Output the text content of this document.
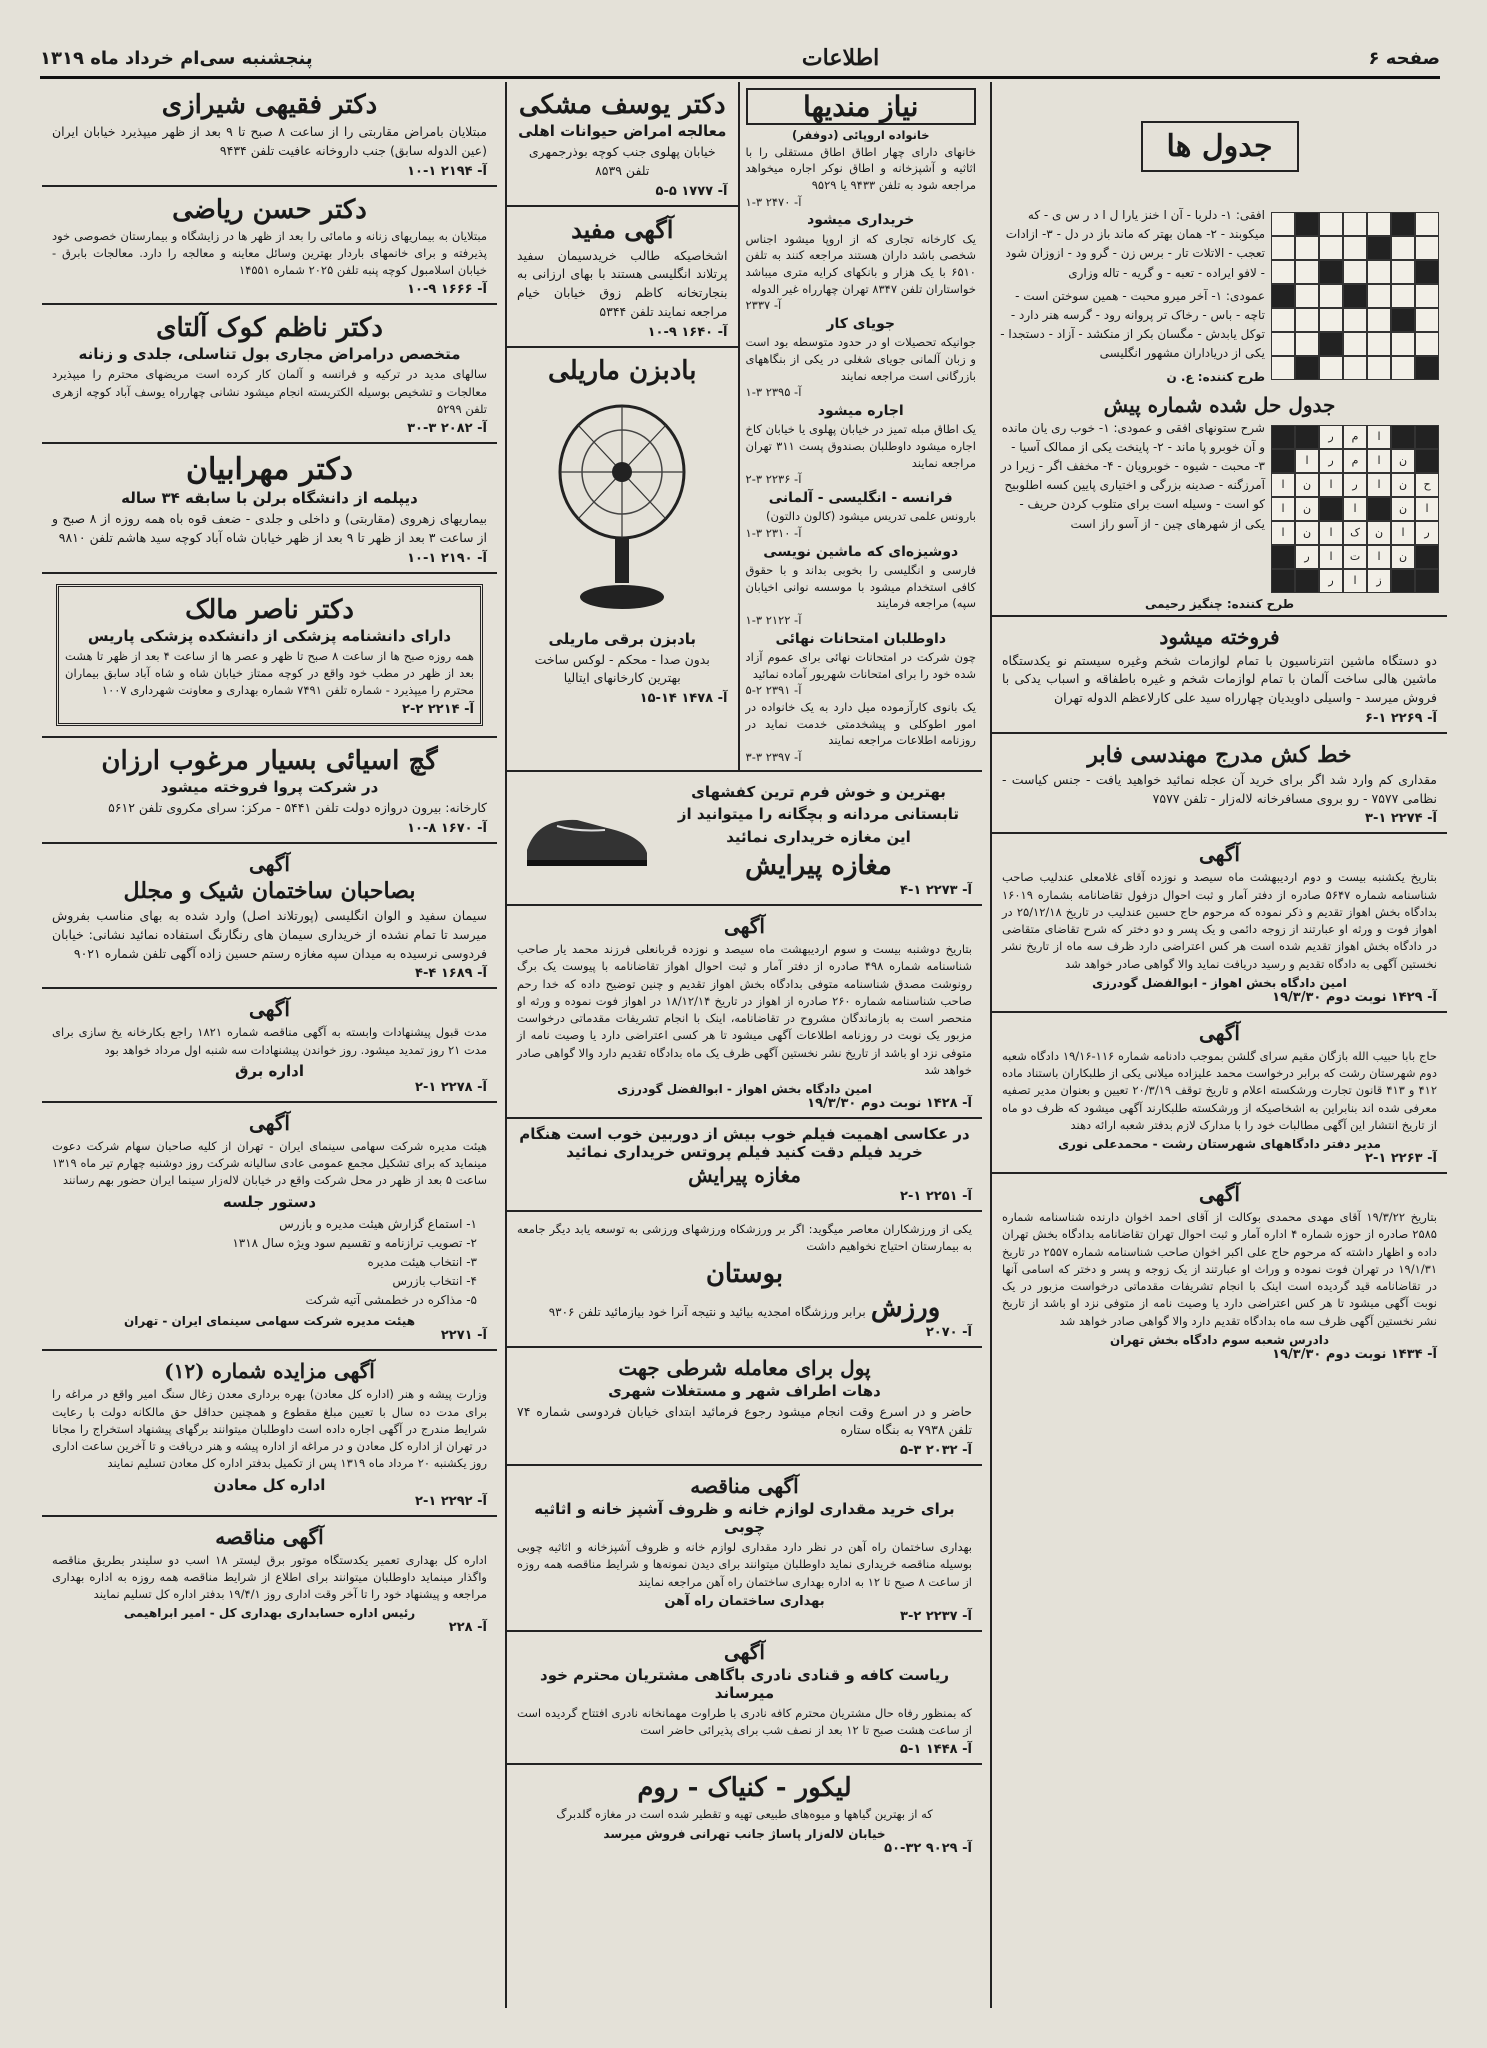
صفحه ۶
اطلاعات
پنجشنبه سی‌ام خرداد ماه ۱۳۱۹
جدول ها
افقی: ۱- دلربا - آن ا خنز یارا ل ا د ر س ی - که میکوبند - ۲- همان بهتر که ماند باز در دل - ۳- ازادات تعجب - الاتلات تار - برس زن - گرو ود - ازوزان شود - لافو ایراده - تعبه - و گریه - تاله وزاری
عمودی: ۱- آخر میرو محبت - همین سوختن است - تاچه - باس - رخاک تر پروانه رود - گرسه هنر دارد - توکل یابدش - مگسان بکر از منکشد - آزاد - دستجدا - یکی از دریاداران مشهور انگلیسی
طرح کننده: ع. ن
جدول حل شده شماره پیش
ا
م
ر
ن
ا
م
ر
ا
ح
ن
ا
ر
ا
ن
ا
ا
ن
ا
ن
ا
ر
ا
ن
ک
ا
ن
ا
ن
ا
ت
ا
ر
ز
ا
ر
شرح ستونهای افقی و عمودی: ۱- خوب ری یان مانده و آن خوبرو پا ماند - ۲- پاینخت یکی از ممالک آسیا - ۳- محبت - شیوه - خوبرویان - ۴- مخفف اگر - زیرا در آمرزگنه - صدینه بزرگی و اختیاری پایین کسه اطلوبیح کو است - وسیله است برای متلوب کردن حریف - یکی از شهرهای چین - از آسو راز است
طرح کننده: چنگیز رحیمی
فروخته میشود

دو دستگاه ماشین انترناسیون با تمام لوازمات شخم وغیره سیستم نو یکدستگاه ماشین هالی ساخت آلمان با تمام لوازمات شخم و غیره باطفاقه و اسباب یدکی با فروش میرسد - واسیلی داویدیان چهارراه سید علی کارلاعظم الدوله تهران

آ- ۲۲۶۹ ۱-۶
خط کش مدرج مهندسی فابر

مقداری کم وارد شد اگر برای خرید آن عجله نمائید خواهید یافت - جنس کیاست - نظامی ۷۵۷۷ - رو بروی مسافرخانه لاله‌زار - تلفن ۷۵۷۷

آ- ۲۲۷۴ ۱-۳
آگهی

بتاریخ یکشنبه بیست و دوم اردیبهشت ماه سیصد و نوزده آقای غلامعلی عندلیب صاحب شناسنامه شماره ۵۶۴۷ صادره از دفتر آمار و ثبت احوال دزفول تقاضانامه بشماره ۱۶۰۱۹ بدادگاه بخش اهواز تقدیم و ذکر نموده که مرحوم حاج حسین عندلیب در تاریخ ۲۵/۱۲/۱۸ در اهواز فوت و ورثه او عبارتند از زوجه دائمی و یک پسر و دو دختر که شرح تقاضای متقاضی در دادگاه بخش اهواز تقدیم شده است هر کس اعتراضی دارد ظرف سه ماه از تاریخ نشر نخستین آگهی به دادگاه تقدیم و رسید دریافت نماید والا گواهی صادر خواهد شد

امین دادگاه بخش اهواز - ابوالفضل گودرزی
آ- ۱۴۲۹ نوبت دوم ۱۹/۳/۳۰
آگهی

حاج بابا حبیب الله بازگان مقیم سرای گلشن بموجب دادنامه شماره ۱۱۶-۱۹/۱۶ دادگاه شعبه دوم شهرستان رشت که برابر درخواست محمد علیزاده میلانی یکی از طلبکاران باستناد ماده ۴۱۲ و ۴۱۳ قانون تجارت ورشکسته اعلام و تاریخ توقف ۲۰/۳/۱۹ تعیین و بعنوان مدیر تصفیه معرفی شده اند بنابراین به اشخاصیکه از ورشکسته طلبکارند آگهی میشود که ظرف دو ماه از تاریخ انتشار این آگهی مطالبات خود را با مدارک لازم بدفتر شعبه ارائه دهند

مدیر دفتر دادگاههای شهرستان رشت - محمدعلی نوری
آ- ۲۲۶۳ ۱-۲
آگهی

بتاریخ ۱۹/۳/۲۲ آقای مهدی محمدی بوکالت از آقای احمد اخوان دارنده شناسنامه شماره ۲۵۸۵ صادره از حوزه شماره ۴ اداره آمار و ثبت احوال تهران تقاضانامه بدادگاه بخش تهران داده و اظهار داشته که مرحوم حاج علی اکبر اخوان صاحب شناسنامه شماره ۲۵۵۷ در تاریخ ۱۹/۱/۳۱ در تهران فوت نموده و وراث او عبارتند از یک زوجه و پسر و دختر که اسامی آنها در تقاضانامه قید گردیده است اینک با انجام تشریفات مقدماتی درخواست مزبور در یک نوبت آگهی میشود تا هر کس اعتراضی دارد یا وصیت نامه از متوفی نزد او باشد از تاریخ نشر نخستین آگهی ظرف سه ماه بدادگاه تقدیم دارد والا گواهی صادر خواهد شد

دادرس شعبه سوم دادگاه بخش تهران
آ- ۱۴۳۴ نوبت دوم ۱۹/۳/۳۰
نیاز مندیها
خانواده اروپائی (دوففر)
خانهای دارای چهار اطاق اطاق مستقلی را با اثاثیه و آشپزخانه و اطاق نوکر اجاره میخواهد مراجعه شود به تلفن ۹۴۳۳ یا ۹۵۲۹
آ- ۲۴۷۰ ۳-۱
خریداری میشود
یک کارخانه تجاری که از اروپا میشود اجناس شخصی باشد داران هستند مراجعه کنند به تلفن ۶۵۱۰ با یک هزار و بانکهای کرایه متری میباشد خواستاران تلفن ۸۳۴۷ تهران چهارراه غیر الدوله
آ- ۲۳۳۷
جویای کار
جوانیکه تحصیلات او در حدود متوسطه بود است و زبان آلمانی جویای شغلی در یکی از بنگاههای بازرگانی است مراجعه نمایند
آ- ۲۳۹۵ ۳-۱
اجاره میشود
یک اطاق مبله تمیز در خیابان پهلوی یا خیابان کاخ اجاره میشود داوطلبان بصندوق پست ۳۱۱ تهران مراجعه نمایند
آ- ۲۲۳۶ ۳-۲
فرانسه - انگلیسی - آلمانی
بارونس علمی تدریس میشود (کالون دالتون)
آ- ۲۳۱۰ ۳-۱
دوشیزه‌ای که ماشین نویسی
فارسی و انگلیسی را بخوبی بداند و با حقوق کافی استخدام میشود با موسسه نوانی اخیابان سپه) مراجعه فرمایند
آ- ۲۱۲۲ ۳-۱
داوطلبان امتحانات نهائی
چون شرکت در امتحانات نهائی برای عموم آزاد شده خود را برای امتحانات شهریور آماده نمائید
آ- ۲۳۹۱ ۲-۵
یک بانوی کارآزموده میل دارد به یک خانواده در امور اطوکلی و پیشخدمتی خدمت نماید در روزنامه اطلاعات مراجعه نمایند
آ- ۲۳۹۷ ۳-۳
دکتر یوسف مشکی
معالجه امراض حیوانات اهلی

خیابان پهلوی جنب کوچه بوذرجمهری تلفن ۸۵۳۹

آ- ۱۷۷۷ ۵-۵
آگهی مفید

اشخاصیکه طالب خریدسیمان سفید پرتلاند انگلیسی هستند با بهای ارزانی به بنجارتخانه کاظم زوق خیابان خیام مراجعه نمایند تلفن ۵۳۴۴

آ- ۱۶۴۰ ۹-۱۰
بادبزن ماریلی
بادبزن برقی ماریلی

بدون صدا - محکم - لوکس ساخت بهترین کارخانهای ایتالیا

آ- ۱۴۷۸ ۱۴-۱۵

بهترین و خوش فرم ترین کفشهای تابستانی مردانه و بچگانه را میتوانید از این مغازه خریداری نمائید

مغازه پیرایش
آ- ۲۲۷۳ ۱-۴
آگهی

بتاریخ دوشنبه بیست و سوم اردیبهشت ماه سیصد و نوزده قربانعلی فرزند محمد یار صاحب شناسنامه شماره ۴۹۸ صادره از دفتر آمار و ثبت احوال اهواز تقاضانامه با پیوست یک برگ رونوشت مصدق شناسنامه متوفی بدادگاه بخش اهواز تقدیم و چنین توضیح داده که خدا رحم صاحب شناسنامه شماره ۲۶۰ صادره از اهواز در تاریخ ۱۸/۱۲/۱۴ در اهواز فوت نموده و ورثه او منحصر است به بازماندگان مشروح در تقاضانامه، اینک با انجام تشریفات مقدماتی درخواست مزبور یک نوبت در روزنامه اطلاعات آگهی میشود تا هر کسی اعتراضی دارد یا وصیت نامه از متوفی نزد او باشد از تاریخ نشر نخستین آگهی ظرف یک ماه بدادگاه تقدیم دارد والا گواهی صادر خواهد شد

امین دادگاه بخش اهواز - ابوالفضل گودرزی
آ- ۱۴۲۸ نوبت دوم ۱۹/۳/۳۰
در عکاسی اهمیت فیلم خوب بیش از دوربین خوب است هنگام خرید فیلم دقت کنید فیلم پروتس خریداری نمائید
مغازه پیرایش
آ- ۲۲۵۱ ۱-۲

یکی از ورزشکاران معاصر میگوید: اگر بر ورزشکاه ورزشهای ورزشی به توسعه یابد دیگر جامعه به بیمارستان احتیاج نخواهیم داشت

بوستان
ورزش برابر ورزشگاه امجدیه بیائید و نتیجه آنرا خود بیازمائید تلفن ۹۳۰۶
آ- ۲۰۷۰
پول برای معامله شرطی جهت
دهات اطراف شهر و مستغلات شهری

حاضر و در اسرع وقت انجام میشود رجوع فرمائید ابتدای خیابان فردوسی شماره ۷۴ تلفن ۷۹۳۸ به بنگاه ستاره

آ- ۲۰۳۲ ۳-۵
آگهی مناقصه
برای خرید مقداری لوازم خانه و ظروف آشپز خانه و اثاثیه چوبی

بهداری ساختمان راه آهن در نظر دارد مقداری لوازم خانه و ظروف آشپزخانه و اثاثیه چوبی بوسیله مناقصه خریداری نماید داوطلبان میتوانند برای دیدن نمونه‌ها و شرایط مناقصه همه روزه از ساعت ۸ صبح تا ۱۲ به اداره بهداری ساختمان راه آهن مراجعه نمایند

بهداری ساختمان راه آهن
آ- ۲۲۳۷ ۲-۳
آگهی
ریاست کافه و قنادی نادری باگاهی مشتریان محترم خود میرساند

که بمنظور رفاه حال مشتریان محترم کافه نادری با طراوت مهمانخانه نادری افتتاح گردیده است از ساعت هشت صبح تا ۱۲ بعد از نصف شب برای پذیرائی حاضر است

آ- ۱۴۴۸ ۱-۵
لیکور - کنیاک - روم

که از بهترین گیاهها و میوه‌های طبیعی تهیه و تقطیر شده است در مغازه گلدبرگ

خیابان لاله‌زار پاساژ جانب تهرانی فروش میرسد
آ- ۹۰۲۹ ۳۲-۵۰
دکتر فقیهی شیرازی

مبتلایان بامراض مقاربتی را از ساعت ۸ صبح تا ۹ بعد از ظهر میپذیرد خیابان ایران (عین الدوله سابق) جنب داروخانه عافیت تلفن ۹۴۳۴

آ- ۲۱۹۴ ۱-۱۰
دکتر حسن ریاضی

مبتلایان به بیماریهای زنانه و مامائی را بعد از ظهر ها در زایشگاه و بیمارستان خصوصی خود پذیرفته و برای خانمهای باردار بهترین وسائل معاینه و معالجه را دارد. معالجات بابرق - خیابان اسلامبول کوچه پنبه تلفن ۲۰۲۵ شماره ۱۴۵۵۱

آ- ۱۶۶۶ ۹-۱۰
دکتر ناظم کوک آلتای
متخصص درامراض مجاری بول تناسلی، جلدی و زنانه

سالهای مدید در ترکیه و فرانسه و آلمان کار کرده است مریضهای محترم را میپذیرد معالجات و تشخیص بوسیله الکتریسته انجام میشود نشانی چهارراه یوسف آباد کوچه ازهری تلفن ۵۲۹۹

آ- ۲۰۸۲ ۳-۳۰
دکتر مهرابیان
دیپلمه از دانشگاه برلن با سابقه ۳۴ ساله

بیماریهای زهروی (مقاربتی) و داخلی و جلدی - ضعف قوه باه همه روزه از ۸ صبح و از ساعت ۳ بعد از ظهر تا ۹ بعد از ظهر خیابان شاه آباد کوچه سید هاشم تلفن ۹۸۱۰

آ- ۲۱۹۰ ۱-۱۰
دکتر ناصر مالک
دارای دانشنامه پزشکی از دانشکده پزشکی پاریس

همه روزه صبح ها از ساعت ۸ صبح تا ظهر و عصر ها از ساعت ۴ بعد از ظهر تا هشت بعد از ظهر در مطب خود واقع در کوچه ممتاز خیابان شاه و شاه آباد سابق بیماران محترم را میپذیرد - شماره تلفن ۷۴۹۱ شماره بهداری و معاونت شهرداری ۱۰۰۷

آ- ۲۲۱۴ ۲-۲
گچ اسیائی بسیار مرغوب ارزان
در شرکت پروا فروخته میشود

کارخانه: بیرون دروازه دولت تلفن ۵۴۴۱ - مرکز: سرای مکروی تلفن ۵۶۱۲

آ- ۱۶۷۰ ۸-۱۰
آگهی
بصاحبان ساختمان شیک و مجلل

سیمان سفید و الوان انگلیسی (پورتلاند اصل) وارد شده به بهای مناسب بفروش میرسد تا تمام نشده از خریداری سیمان های رنگارنگ استفاده نمائید نشانی: خیابان فردوسی نرسیده به میدان سپه مغازه رستم حسین زاده آگهی تلفن شماره ۹۰۲۱

آ- ۱۶۸۹ ۴-۴
آگهی

مدت قبول پیشنهادات وابسته به آگهی مناقصه شماره ۱۸۲۱ راجع بکارخانه یخ سازی برای مدت ۲۱ روز تمدید میشود. روز خواندن پیشنهادات سه شنبه اول مرداد خواهد بود

اداره برق
آ- ۲۲۷۸ ۱-۲
آگهی

هیئت مدیره شرکت سهامی سینمای ایران - تهران از کلیه صاحبان سهام شرکت دعوت مینماید که برای تشکیل مجمع عمومی عادی سالیانه شرکت روز دوشنبه چهارم تیر ماه ۱۳۱۹ ساعت ۵ بعد از ظهر در محل شرکت واقع در خیابان لاله‌زار سینما ایران حضور بهم رسانند

دستور جلسه
۱- استماع گزارش هیئت مدیره و بازرس
۲- تصویب ترازنامه و تقسیم سود ویژه سال ۱۳۱۸
۳- انتخاب هیئت مدیره
۴- انتخاب بازرس
۵- مذاکره در خطمشی آتیه شرکت
هیئت مدیره شرکت سهامی سینمای ایران - تهران
آ- ۲۲۷۱
آگهی مزایده شماره (۱۲)

وزارت پیشه و هنر (اداره کل معادن) بهره برداری معدن زغال سنگ امیر واقع در مراغه را برای مدت ده سال با تعیین مبلغ مقطوع و همچنین حداقل حق مالکانه دولت با رعایت شرایط مندرج در آگهی اجاره داده است داوطلبان میتوانند برگهای پیشنهاد استخراج را مجانا در تهران از اداره کل معادن و در مراغه از اداره پیشه و هنر دریافت و تا آخرین ساعت اداری روز یکشنبه ۲۰ مرداد ماه ۱۳۱۹ پس از تکمیل بدفتر اداره کل معادن تسلیم نمایند

اداره کل معادن
آ- ۲۲۹۲ ۱-۲
آگهی مناقصه

اداره کل بهداری تعمیر یکدستگاه موتور برق لیستر ۱۸ اسب دو سلیندر بطریق مناقصه واگذار مینماید داوطلبان میتوانند برای اطلاع از شرایط مناقصه همه روزه به اداره بهداری مراجعه و پیشنهاد خود را تا آخر وقت اداری روز ۱۹/۴/۱ بدفتر اداره کل تسلیم نمایند

رئیس اداره حسابداری بهداری کل - امیر ابراهیمی
آ- ۲۲۸
